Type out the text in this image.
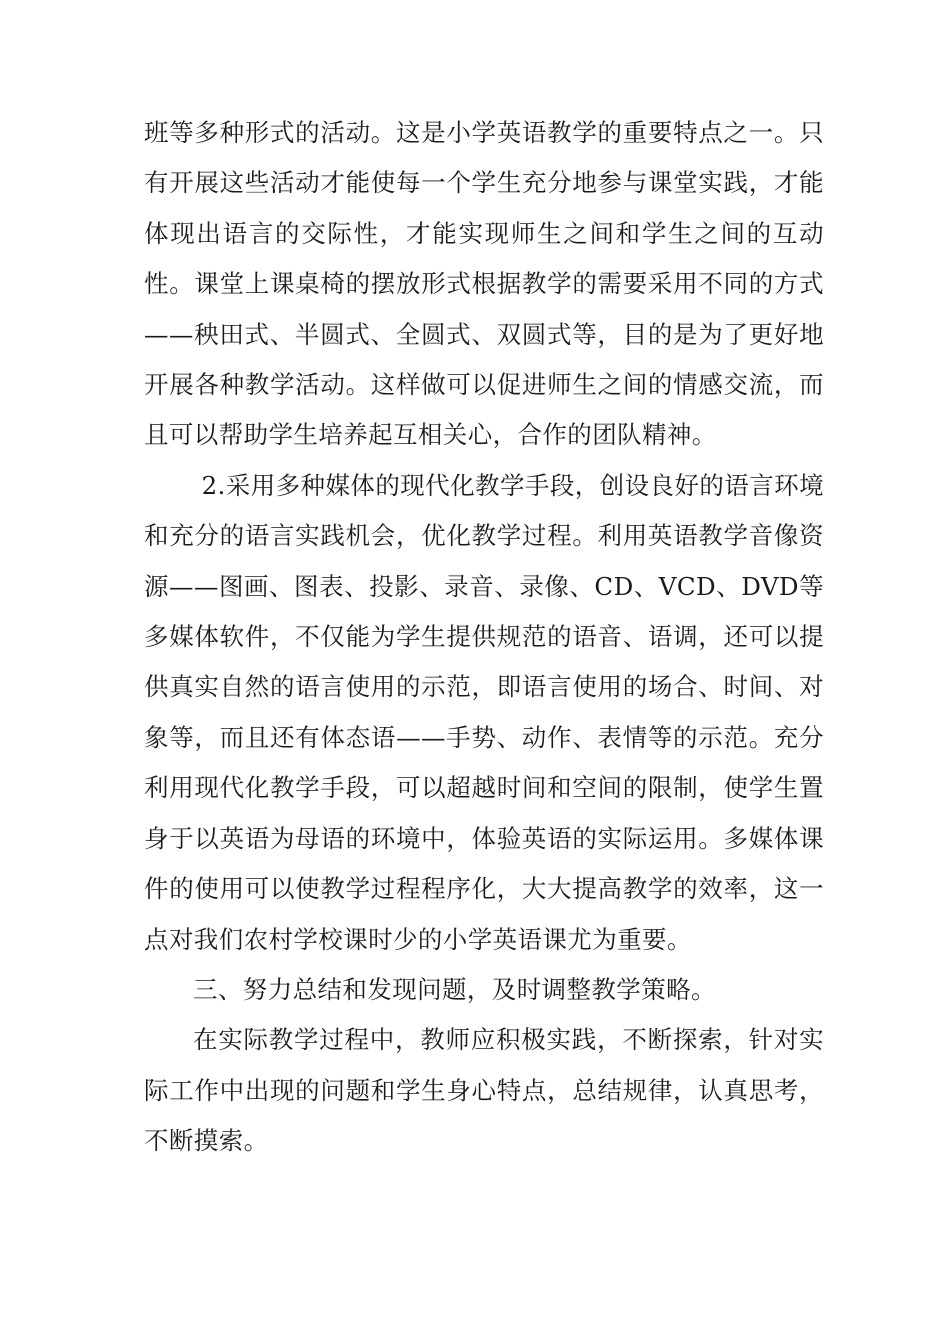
班等多种形式的活动。这是小学英语教学的重要特点之一。只有开展这些活动才能使每一个学生充分地参与课堂实践，才能体现出语言的交际性，才能实现师生之间和学生之间的互动性。课堂上课桌椅的摆放形式根据教学的需要采用不同的方式——秧田式、半圆式、全圆式、双圆式等，目的是为了更好地开展各种教学活动。这样做可以促进师生之间的情感交流，而且可以帮助学生培养起互相关心，合作的团队精神。

2.采用多种媒体的现代化教学手段，创设良好的语言环境和充分的语言实践机会，优化教学过程。利用英语教学音像资源——图画、图表、投影、录音、录像、CD、VCD、DVD等多媒体软件，不仅能为学生提供规范的语音、语调，还可以提供真实自然的语言使用的示范，即语言使用的场合、时间、对象等，而且还有体态语——手势、动作、表情等的示范。充分利用现代化教学手段，可以超越时间和空间的限制，使学生置身于以英语为母语的环境中，体验英语的实际运用。多媒体课件的使用可以使教学过程程序化，大大提高教学的效率，这一点对我们农村学校课时少的小学英语课尤为重要。

三、努力总结和发现问题，及时调整教学策略。

在实际教学过程中，教师应积极实践，不断探索，针对实际工作中出现的问题和学生身心特点，总结规律，认真思考，不断摸索。
